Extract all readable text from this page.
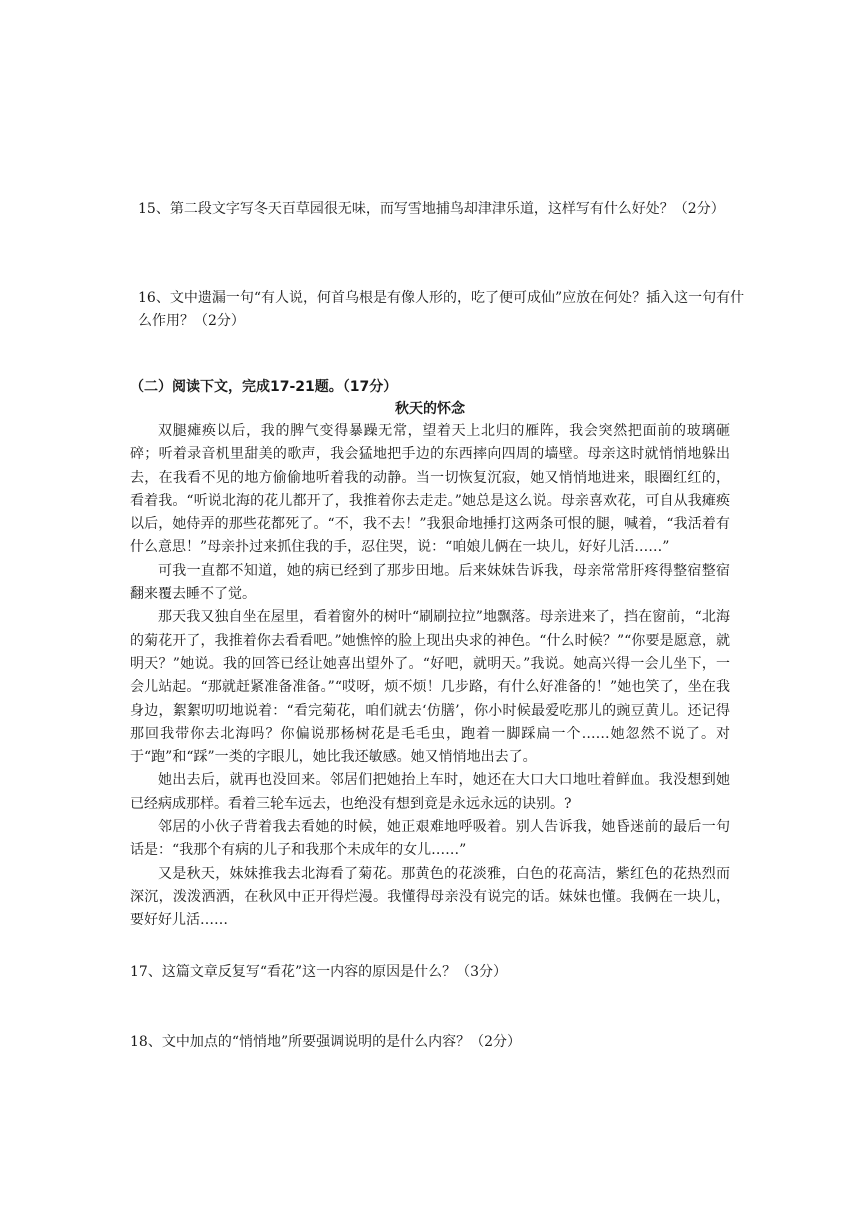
15、第二段文字写冬天百草园很无味，而写雪地捕鸟却津津乐道，这样写有什么好处？（2分）
16、文中遗漏一句“有人说，何首乌根是有像人形的，吃了便可成仙”应放在何处？插入这一句有什么作用？（2分）
（二）阅读下文，完成17-21题。（17分）
秋天的怀念

双腿瘫痪以后，我的脾气变得暴躁无常，望着天上北归的雁阵，我会突然把面前的玻璃砸碎；听着录音机里甜美的歌声，我会猛地把手边的东西摔向四周的墙壁。母亲这时就悄悄地躲出去，在我看不见的地方偷偷地听着我的动静。当一切恢复沉寂，她又悄悄地进来，眼圈红红的，看着我。“听说北海的花儿都开了，我推着你去走走。”她总是这么说。母亲喜欢花，可自从我瘫痪以后，她侍弄的那些花都死了。“不，我不去！”我狠命地捶打这两条可恨的腿，喊着，“我活着有什么意思！”母亲扑过来抓住我的手，忍住哭，说：“咱娘儿俩在一块儿，好好儿活……”

可我一直都不知道，她的病已经到了那步田地。后来妹妹告诉我，母亲常常肝疼得整宿整宿翻来覆去睡不了觉。

那天我又独自坐在屋里，看着窗外的树叶“刷刷拉拉”地飘落。母亲进来了，挡在窗前，“北海的菊花开了，我推着你去看看吧。”她憔悴的脸上现出央求的神色。“什么时候？”“你要是愿意，就明天？”她说。我的回答已经让她喜出望外了。“好吧，就明天。”我说。她高兴得一会儿坐下，一会儿站起。“那就赶紧准备准备。”“哎呀，烦不烦！几步路，有什么好准备的！”她也笑了，坐在我身边，絮絮叨叨地说着：“看完菊花，咱们就去‘仿膳’，你小时候最爱吃那儿的豌豆黄儿。还记得那回我带你去北海吗？你偏说那杨树花是毛毛虫，跑着一脚踩扁一个……她忽然不说了。对于“跑”和“踩”一类的字眼儿，她比我还敏感。她又悄悄地出去了。

她出去后，就再也没回来。邻居们把她抬上车时，她还在大口大口地吐着鲜血。我没想到她已经病成那样。看着三轮车远去，也绝没有想到竟是永远永远的诀别。?

邻居的小伙子背着我去看她的时候，她正艰难地呼吸着。别人告诉我，她昏迷前的最后一句话是：“我那个有病的儿子和我那个未成年的女儿……”

又是秋天，妹妹推我去北海看了菊花。那黄色的花淡雅，白色的花高洁，紫红色的花热烈而深沉，泼泼洒洒，在秋风中正开得烂漫。我懂得母亲没有说完的话。妹妹也懂。我俩在一块儿，要好好儿活……

17、这篇文章反复写“看花”这一内容的原因是什么？（3分）
18、文中加点的“悄悄地”所要强调说明的是什么内容？（2分）
